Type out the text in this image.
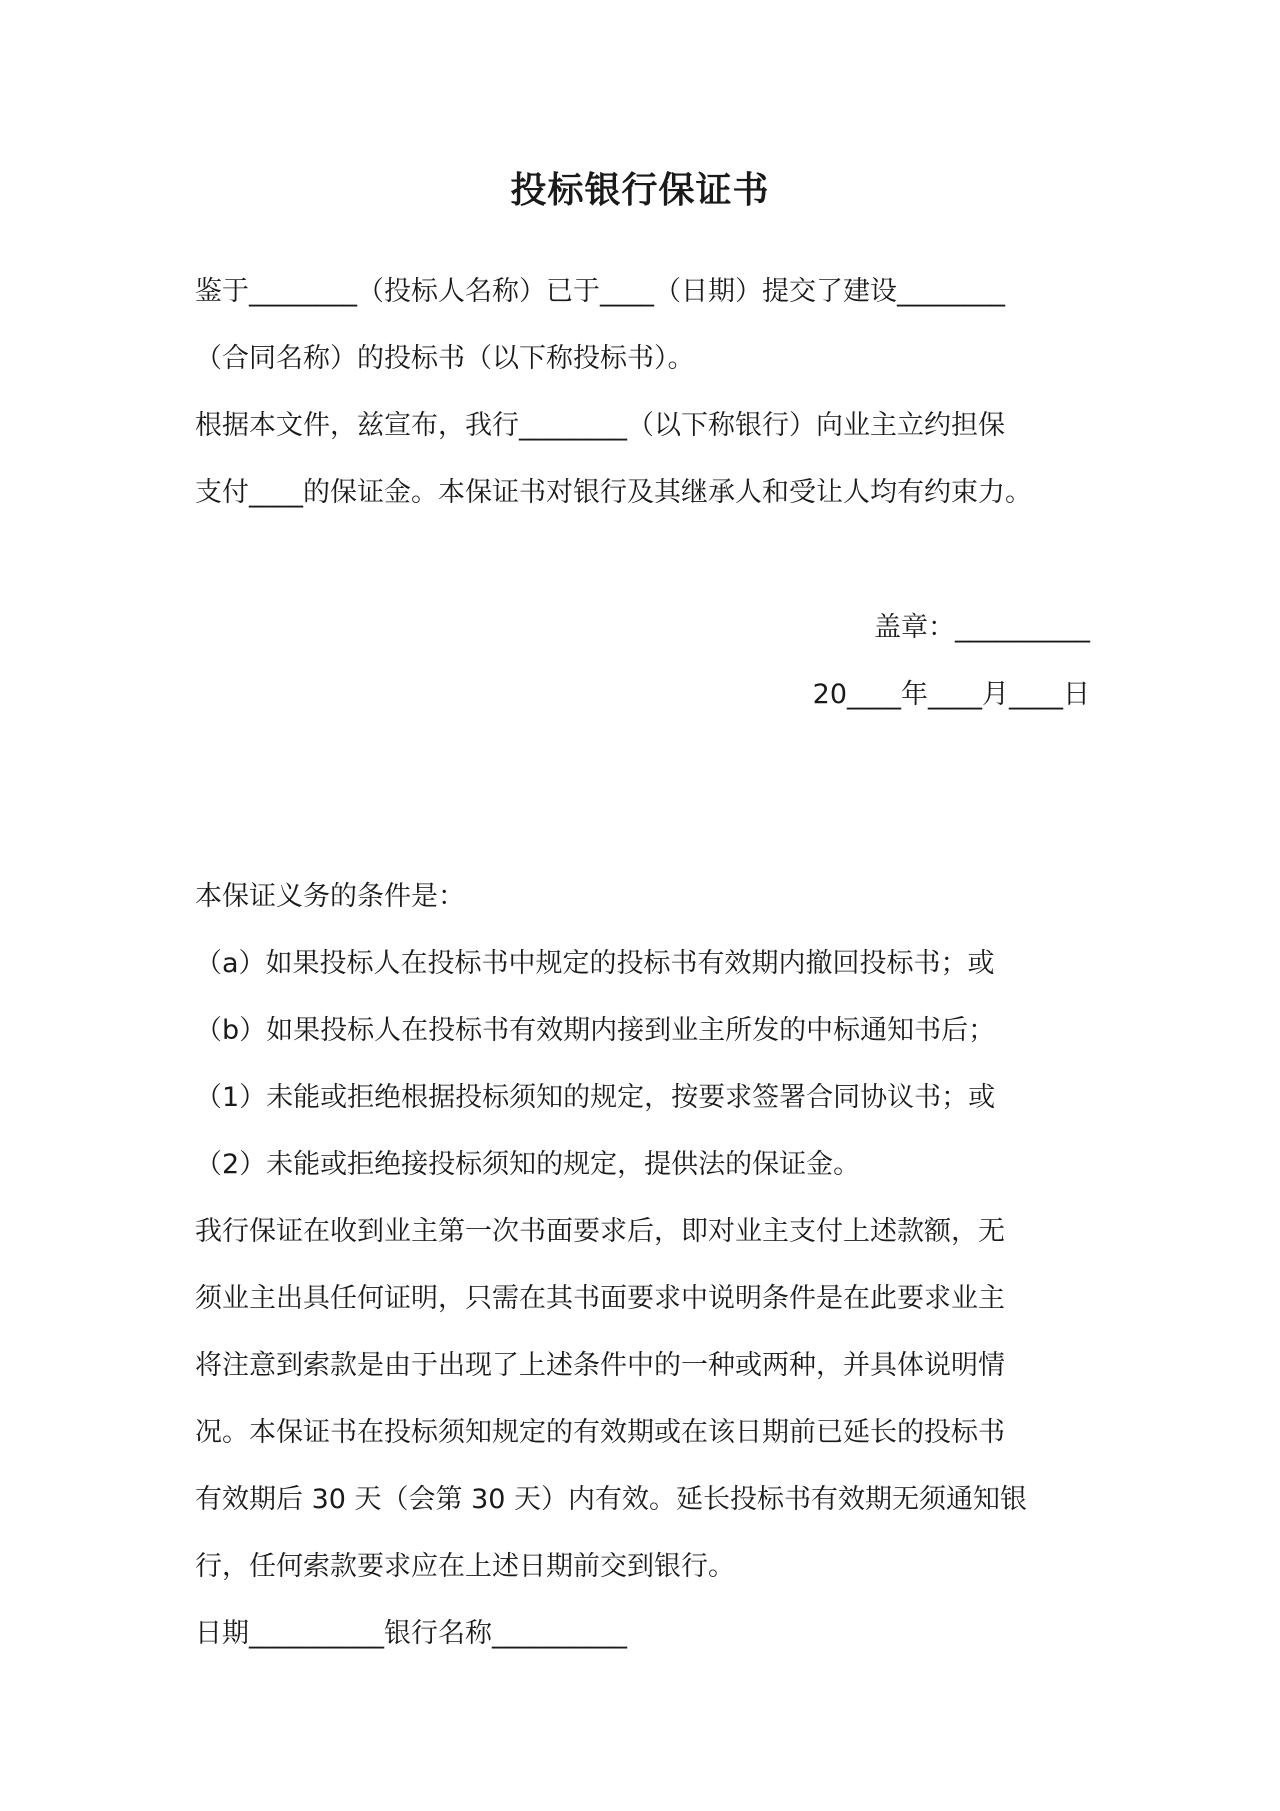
投标银行保证书

鉴于________（投标人名称）已于____（日期）提交了建设________

（合同名称）的投标书（以下称投标书）。

根据本文件，兹宣布，我行________（以下称银行）向业主立约担保

支付____的保证金。本保证书对银行及其继承人和受让人均有约束力。

盖章：__________

20____年____月____日

本保证义务的条件是：

（a）如果投标人在投标书中规定的投标书有效期内撤回投标书；或

（b）如果投标人在投标书有效期内接到业主所发的中标通知书后；

（1）未能或拒绝根据投标须知的规定，按要求签署合同协议书；或

（2）未能或拒绝接投标须知的规定，提供法的保证金。

我行保证在收到业主第一次书面要求后，即对业主支付上述款额，无

须业主出具任何证明，只需在其书面要求中说明条件是在此要求业主

将注意到索款是由于出现了上述条件中的一种或两种，并具体说明情

况。本保证书在投标须知规定的有效期或在该日期前已延长的投标书

有效期后 30 天（会第 30 天）内有效。延长投标书有效期无须通知银

行，任何索款要求应在上述日期前交到银行。

日期__________银行名称__________
